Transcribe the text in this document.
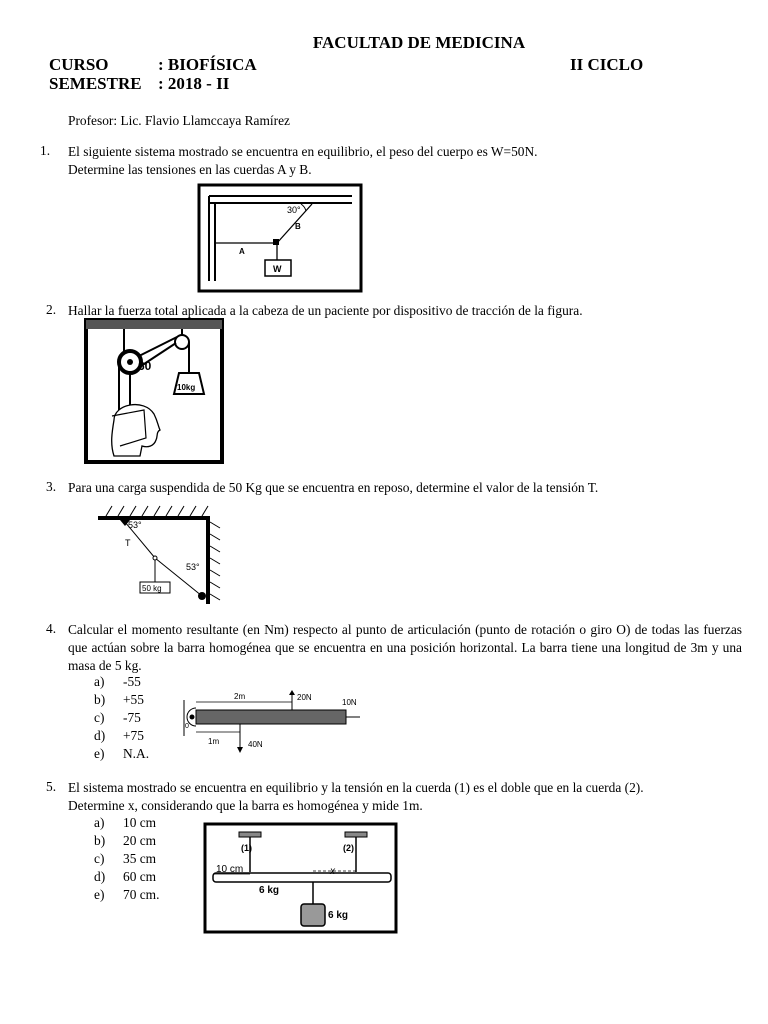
FACULTAD DE MEDICINA
CURSO	: BIOFÍSICA	II CICLO
SEMESTRE : 2018 - II
Profesor: Lic. Flavio Llamccaya Ramírez
1. El siguiente sistema mostrado se encuentra en equilibrio, el peso del cuerpo es W=50N.
Determine las tensiones en las cuerdas A y B.
30°
B
A
W
2. Hallar la fuerza total aplicada a la cabeza de un paciente por dispositivo de tracción de la figura.
10kg
60
3. Para una carga suspendida de 50 Kg que se encuentra en reposo, determine el valor de la tensión T.
50 kg
53°
T
53°
4. Calcular el momento resultante (en Nm) respecto al punto de articulación (punto de rotación o giro O) de todas las fuerzas que actúan sobre la barra homogénea que se encuentra en una posición horizontal. La barra tiene una longitud de 3m y una masa de 5 kg.
a) -55
b) +55
c) -75
d) +75
e) N.A.
0
2m	20N
10N
1m	40N
5. El sistema mostrado se encuentra en equilibrio y la tensión en la cuerda (1) es el doble que en la cuerda (2).
Determine x, considerando que la barra es homogénea y mide 1m.
a) 10 cm
b) 20 cm
c) 35 cm
d) 60 cm
e) 70 cm.
(1)	(2)
10 cm	x
6 kg
6 kg
